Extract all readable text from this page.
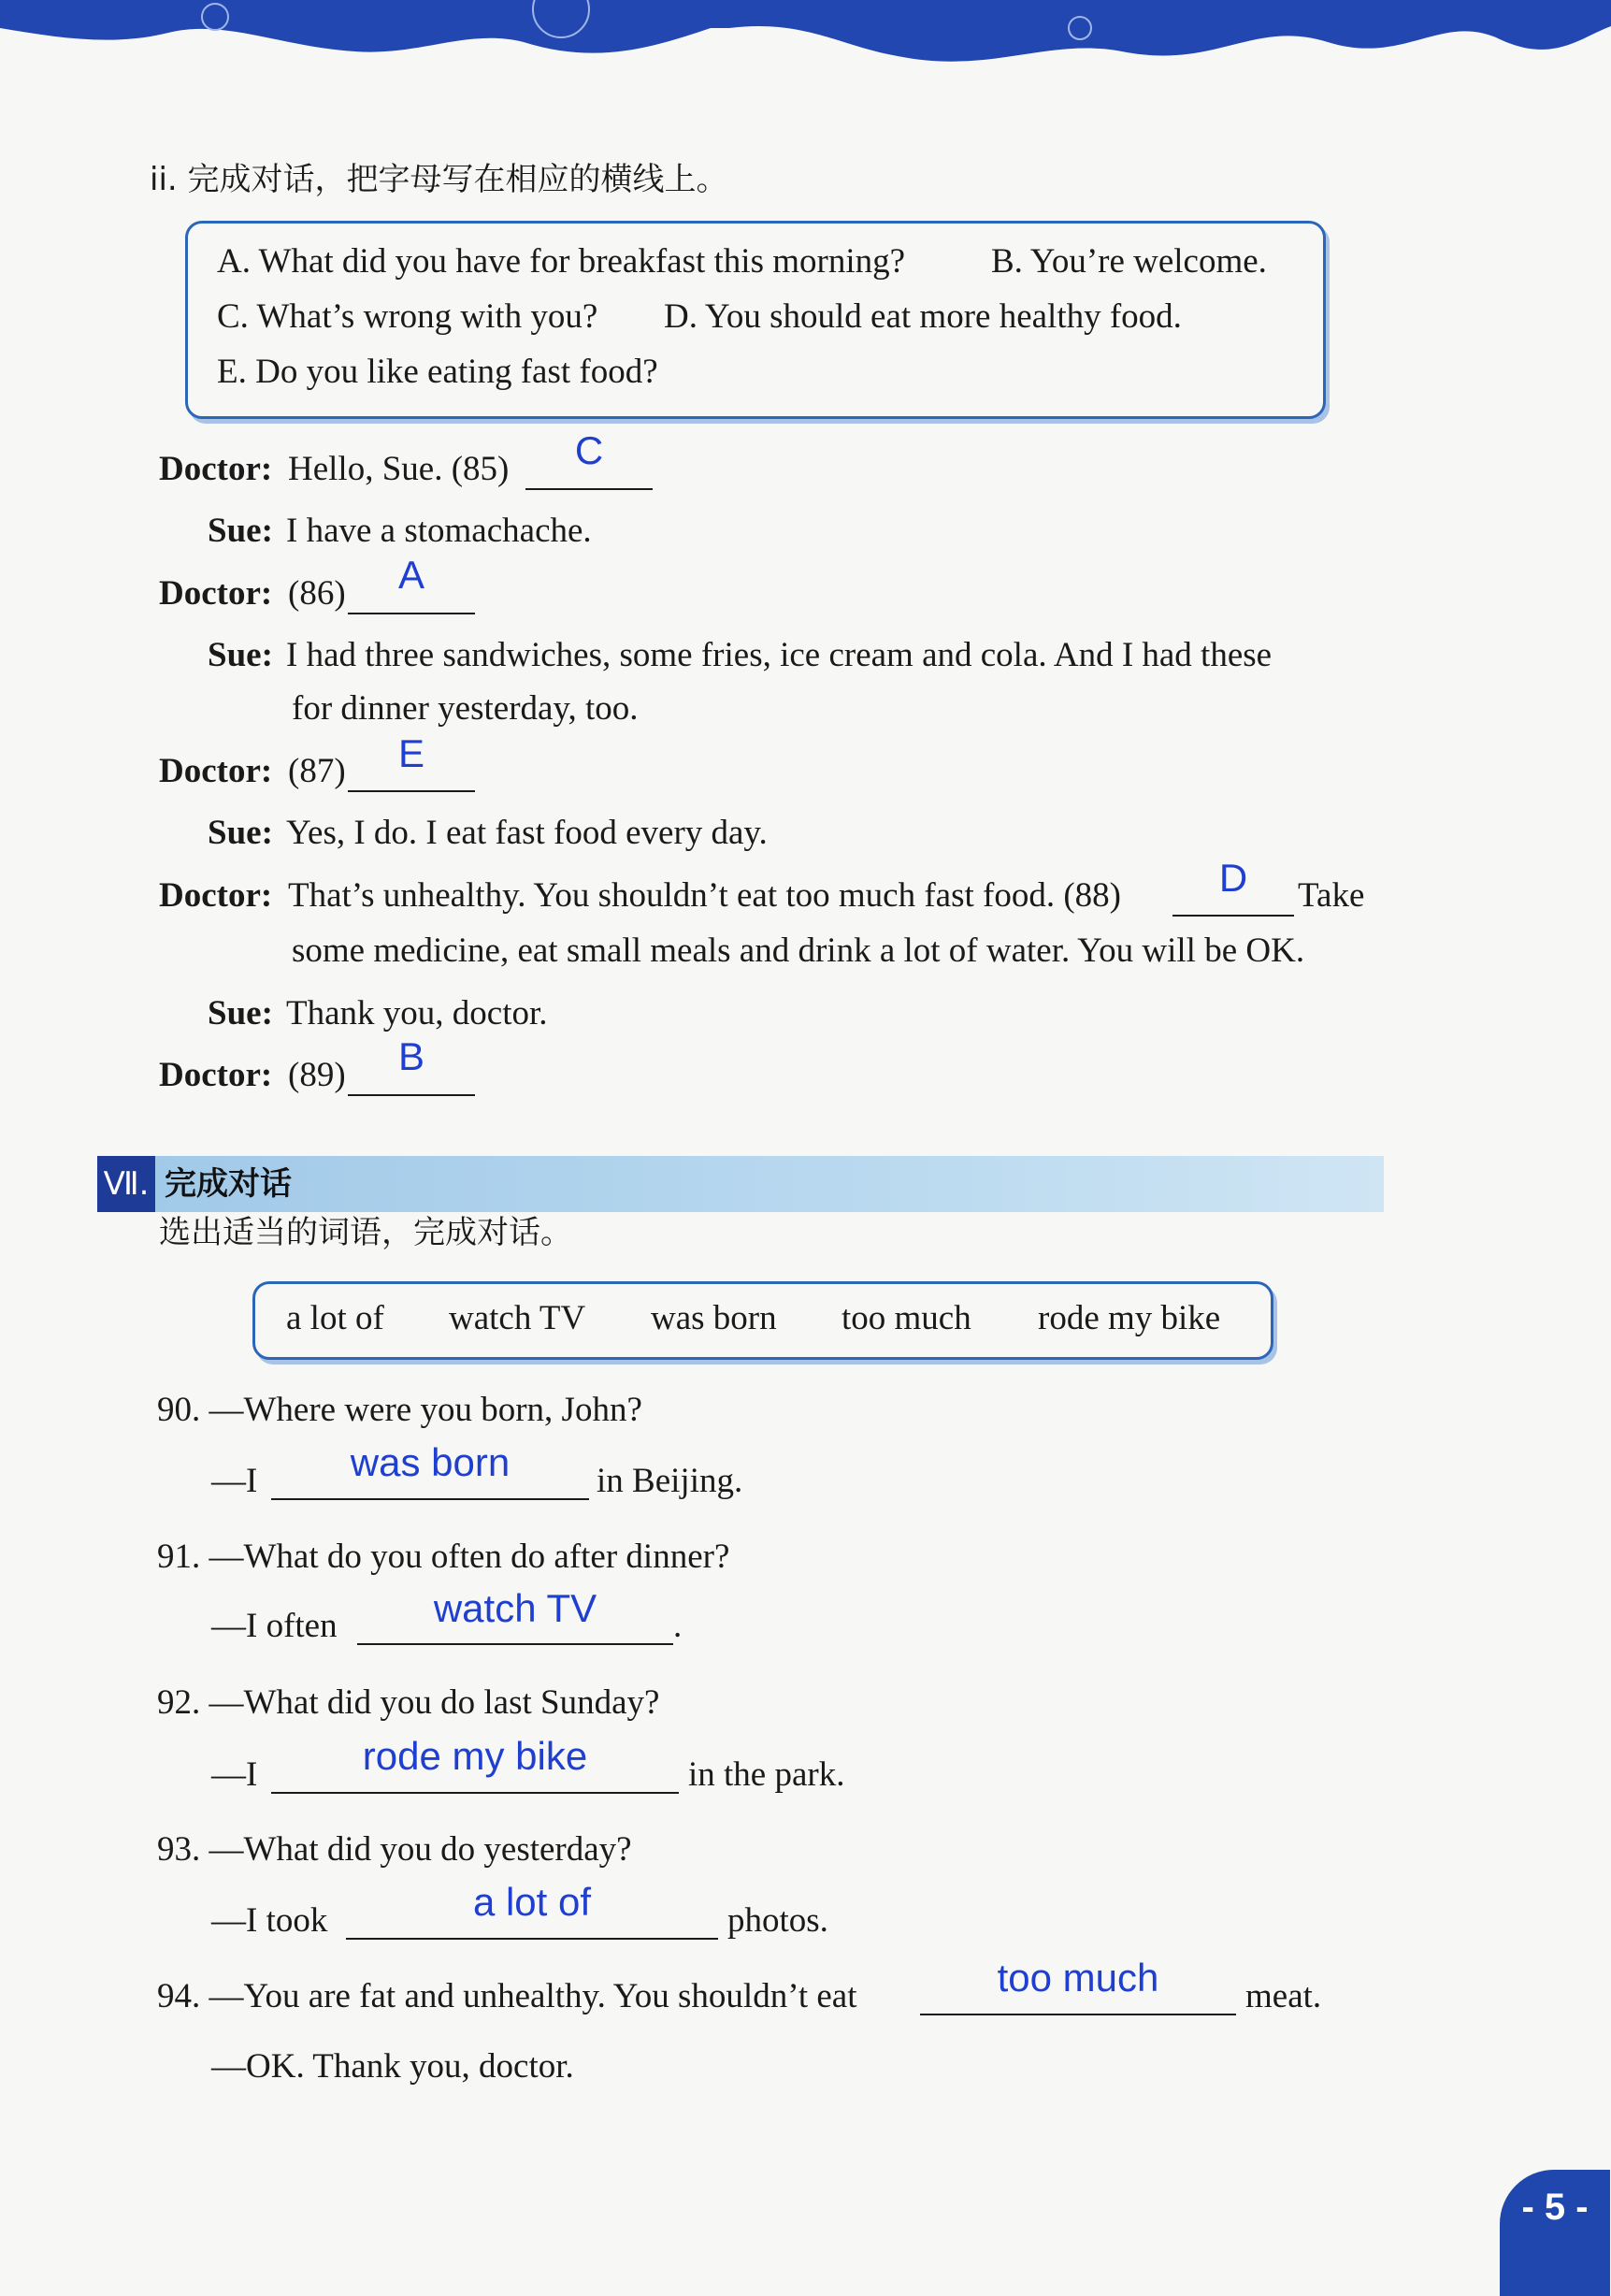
ii. 完成对话，把字母写在相应的横线上。
A. What did you have for breakfast this morning? B. You’re welcome.
C. What’s wrong with you? D. You should eat more healthy food.
E. Do you like eating fast food?
Doctor: Hello, Sue. (85)	C
Sue: I have a stomachache.
Doctor: (86)	A
Sue: I had three sandwiches, some fries, ice cream and cola. And I had these
for dinner yesterday, too.
Doctor: (87)	E
Sue: Yes, I do. I eat fast food every day.
Doctor: That’s unhealthy. You shouldn’t eat too much fast food. (88)	D	Take
some medicine, eat small meals and drink a lot of water. You will be OK.
Sue: Thank you, doctor.
Doctor: (89)	B
Ⅶ. 完成对话
选出适当的词语，完成对话。
a lot of watch TV was born too much rode my bike
90. —Where were you born, John?
—I	was born	in Beijing.
91. —What do you often do after dinner?
—I often	watch TV	.
92. —What did you do last Sunday?
—I	rode my bike	in the park.
93. —What did you do yesterday?
—I took	a lot of	photos.
94. —You are fat and unhealthy. You shouldn’t eat	too much	meat.
—OK. Thank you, doctor.
- 5 -
